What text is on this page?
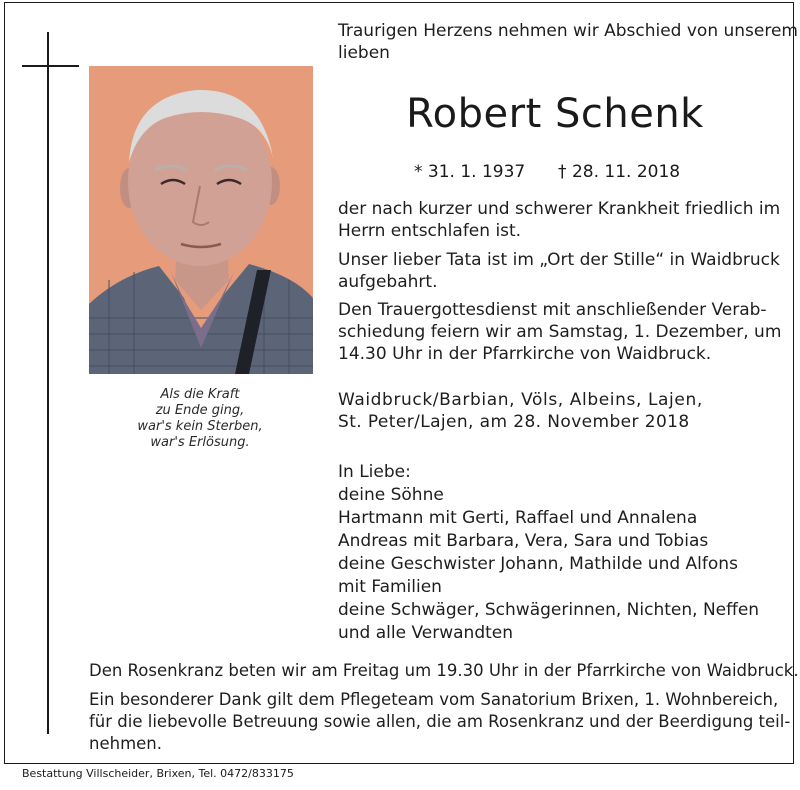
Als die Kraft
zu Ende ging,
war's kein Sterben,
war's Erlösung.
Traurigen Herzens nehmen wir Abschied von unserem
lieben
Robert Schenk
* 31. 1. 1937 † 28. 11. 2018
der nach kurzer und schwerer Krankheit friedlich im
Herrn entschlafen ist.
Unser lieber Tata ist im „Ort der Stille“ in Waidbruck
aufgebahrt.
Den Trauergottesdienst mit anschließender Verab-
schiedung feiern wir am Samstag, 1. Dezember, um
14.30 Uhr in der Pfarrkirche von Waidbruck.
Waidbruck/Barbian, Völs, Albeins, Lajen,
St. Peter/Lajen, am 28. November 2018
In Liebe:
deine Söhne
Hartmann mit Gerti, Raffael und Annalena
Andreas mit Barbara, Vera, Sara und Tobias
deine Geschwister Johann, Mathilde und Alfons
mit Familien
deine Schwäger, Schwägerinnen, Nichten, Neffen
und alle Verwandten
Den Rosenkranz beten wir am Freitag um 19.30 Uhr in der Pfarrkirche von Waidbruck.
Ein besonderer Dank gilt dem Pflegeteam vom Sanatorium Brixen, 1. Wohnbereich,
für die liebevolle Betreuung sowie allen, die am Rosenkranz und der Beerdigung teil-
nehmen.
Bestattung Villscheider, Brixen, Tel. 0472/833175
